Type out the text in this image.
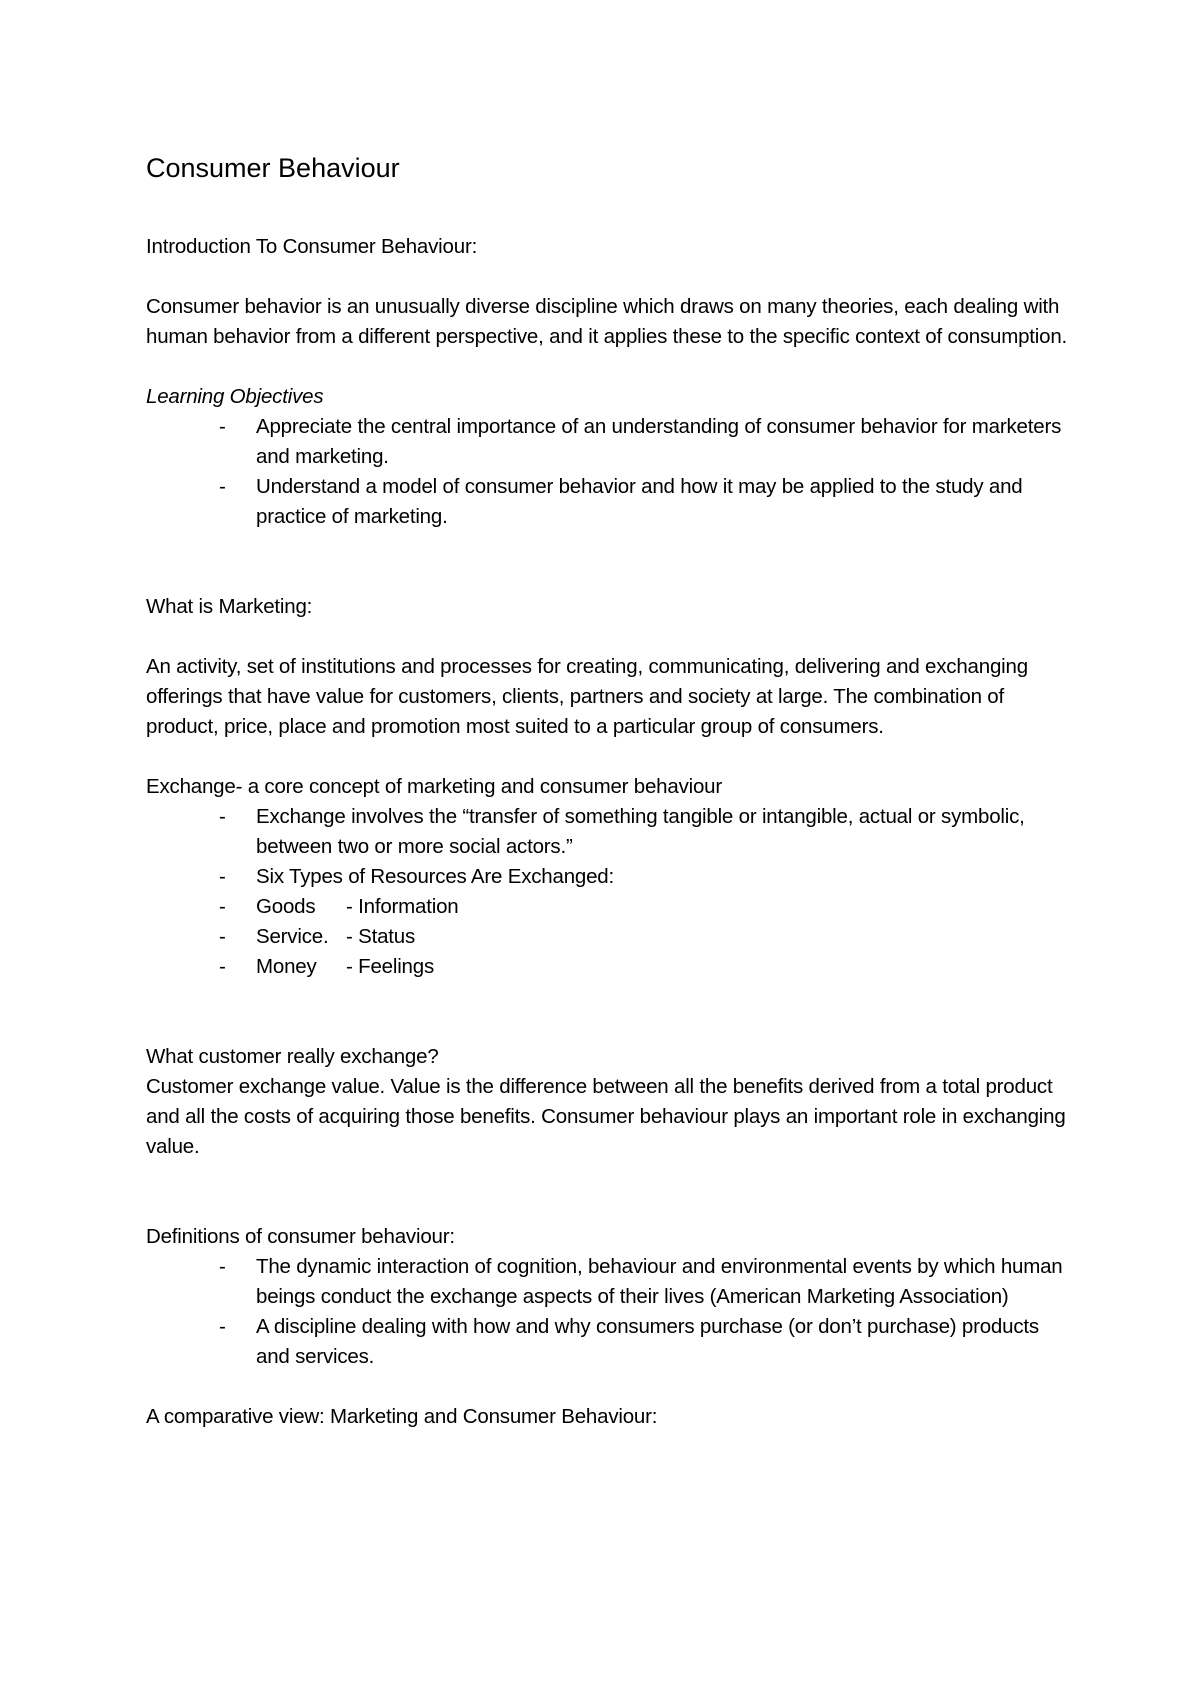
Consumer Behaviour

Introduction To Consumer Behaviour:

Consumer behavior is an unusually diverse discipline which draws on many theories, each dealing with human behavior from a different perspective, and it applies these to the specific context of consumption.

Learning Objectives

- Appreciate the central importance of an understanding of consumer behavior for marketers and marketing.
- Understand a model of consumer behavior and how it may be applied to the study and practice of marketing.

What is Marketing:

An activity, set of institutions and processes for creating, communicating, delivering and exchanging offerings that have value for customers, clients, partners and society at large. The combination of product, price, place and promotion most suited to a particular group of consumers.

Exchange- a core concept of marketing and consumer behaviour

- Exchange involves the “transfer of something tangible or intangible, actual or symbolic, between two or more social actors.”
- Six Types of Resources Are Exchanged:
- Goods - Information
- Service. - Status
- Money - Feelings

What customer really exchange?

Customer exchange value. Value is the difference between all the benefits derived from a total product and all the costs of acquiring those benefits. Consumer behaviour plays an important role in exchanging value.

Definitions of consumer behaviour:

- The dynamic interaction of cognition, behaviour and environmental events by which human beings conduct the exchange aspects of their lives (American Marketing Association)
- A discipline dealing with how and why consumers purchase (or don’t purchase) products and services.

A comparative view: Marketing and Consumer Behaviour:
